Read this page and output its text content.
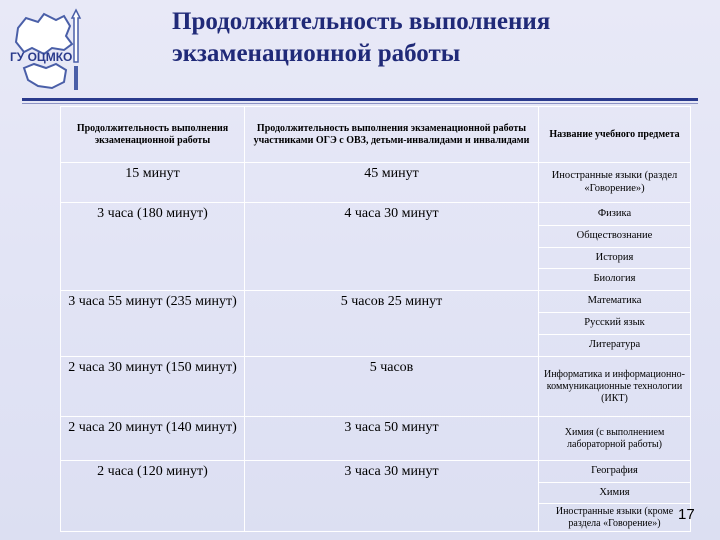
ГУ ОЦМКО
Продолжительность выполнения
экзаменационной работы
Продолжительность выполнения экзаменационной работы	Продолжительность выполнения экзаменационной работы участниками ОГЭ с ОВЗ, детьми-инвалидами и инвалидами	Название учебного предмета
15 минут	45 минут	Иностранные языки (раздел «Говорение»)
3 часа (180 минут)	4 часа 30 минут	Физика
		Обществознание
		История
		Биология
3 часа 55 минут (235 минут)	5 часов 25 минут	Математика
		Русский язык
		Литература
2 часа 30 минут (150 минут)	5 часов	Информатика и информационно-коммуникационные технологии (ИКТ)
2 часа 20 минут (140 минут)	3 часа 50 минут	Химия (с выполнением лабораторной работы)
2 часа (120 минут)	3 часа 30 минут	География
		Химия
		Иностранные языки (кроме раздела «Говорение») 17
